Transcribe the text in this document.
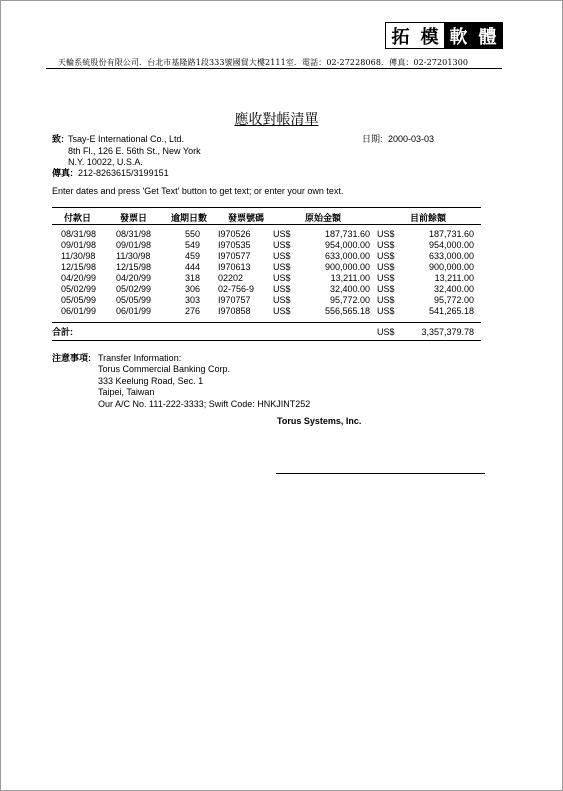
拓 模 軟 體
天輪系統股份有限公司．台北市基隆路1段333號國貿大樓2111室．電話：02-27228068．傳真：02-27201300
應收對帳清單
致: Tsay-E International Co., Ltd.
8th Fl., 126 E. 56th St., New York
N.Y. 10022, U.S.A.
傳真: 212-8263615/3199151
日期: 2000-03-03
Enter dates and press 'Get Text' button to get text; or enter your own text.
付款日	發票日	逾期日數 發票號碼	原始金額	目前餘額
08/31/98 08/31/98	550 I970526 US$	187,731.60 US$	187,731.60
09/01/98 09/01/98	549 I970535 US$	954,000.00 US$	954,000.00
11/30/98 11/30/98	459 I970577 US$	633,000.00 US$	633,000.00
12/15/98 12/15/98	444 I970613 US$	900,000.00 US$	900,000.00
04/20/99 04/20/99	318 02202	US$	13,211.00 US$	13,211.00
05/02/99 05/02/99	306 02-756-9 US$	32,400.00 US$	32,400.00
05/05/99 05/05/99	303 I970757 US$	95,772.00 US$	95,772.00
06/01/99 06/01/99	276 I970858 US$	556,565.18 US$	541,265.18
合計:	US$	3,357,379.78
注意事項: Transfer Information:
Torus Commercial Banking Corp.
333 Keelung Road, Sec. 1
Taipei, Taiwan
Our A/C No. 111-222-3333; Swift Code: HNKJINT252
Torus Systems, Inc.
